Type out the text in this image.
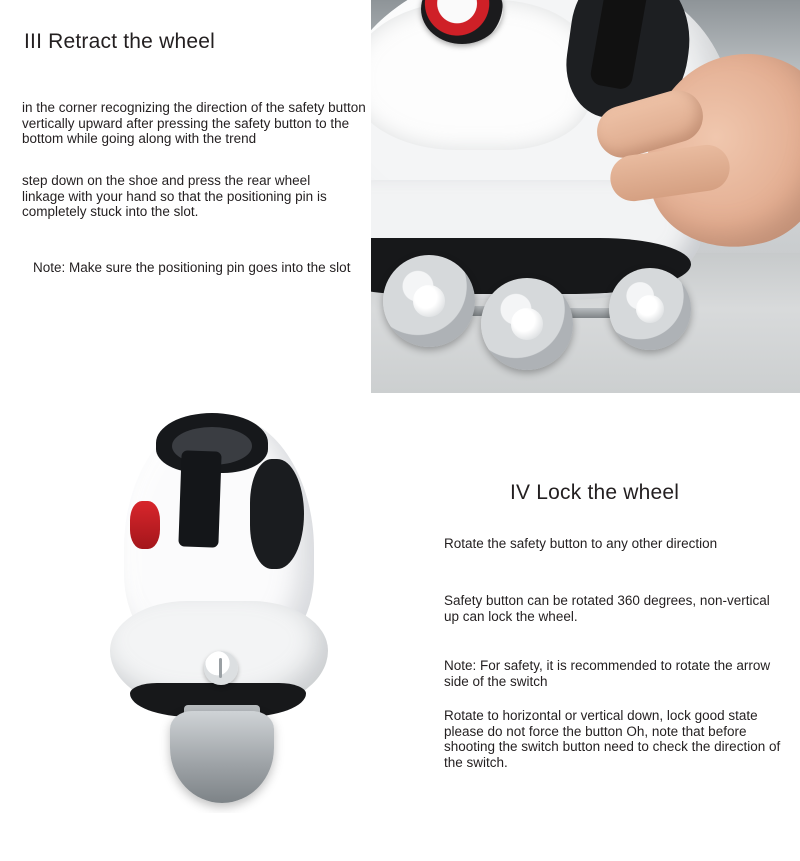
III Retract the wheel
in the corner recognizing the direction of the safety button vertically upward after pressing the safety button to the bottom while going along with the trend
step down on the shoe and press the rear wheel linkage with your hand so that the positioning pin is completely stuck into the slot.
Note: Make sure the positioning pin goes into the slot
IV Lock the wheel
Rotate the safety button to any other direction
Safety button can be rotated 360 degrees, non-vertical up can lock the wheel.
Note: For safety, it is recommended to rotate the arrow side of the switch
Rotate to horizontal or vertical down, lock good state please do not force the button Oh, note that before shooting the switch button need to check the direction of the switch.
